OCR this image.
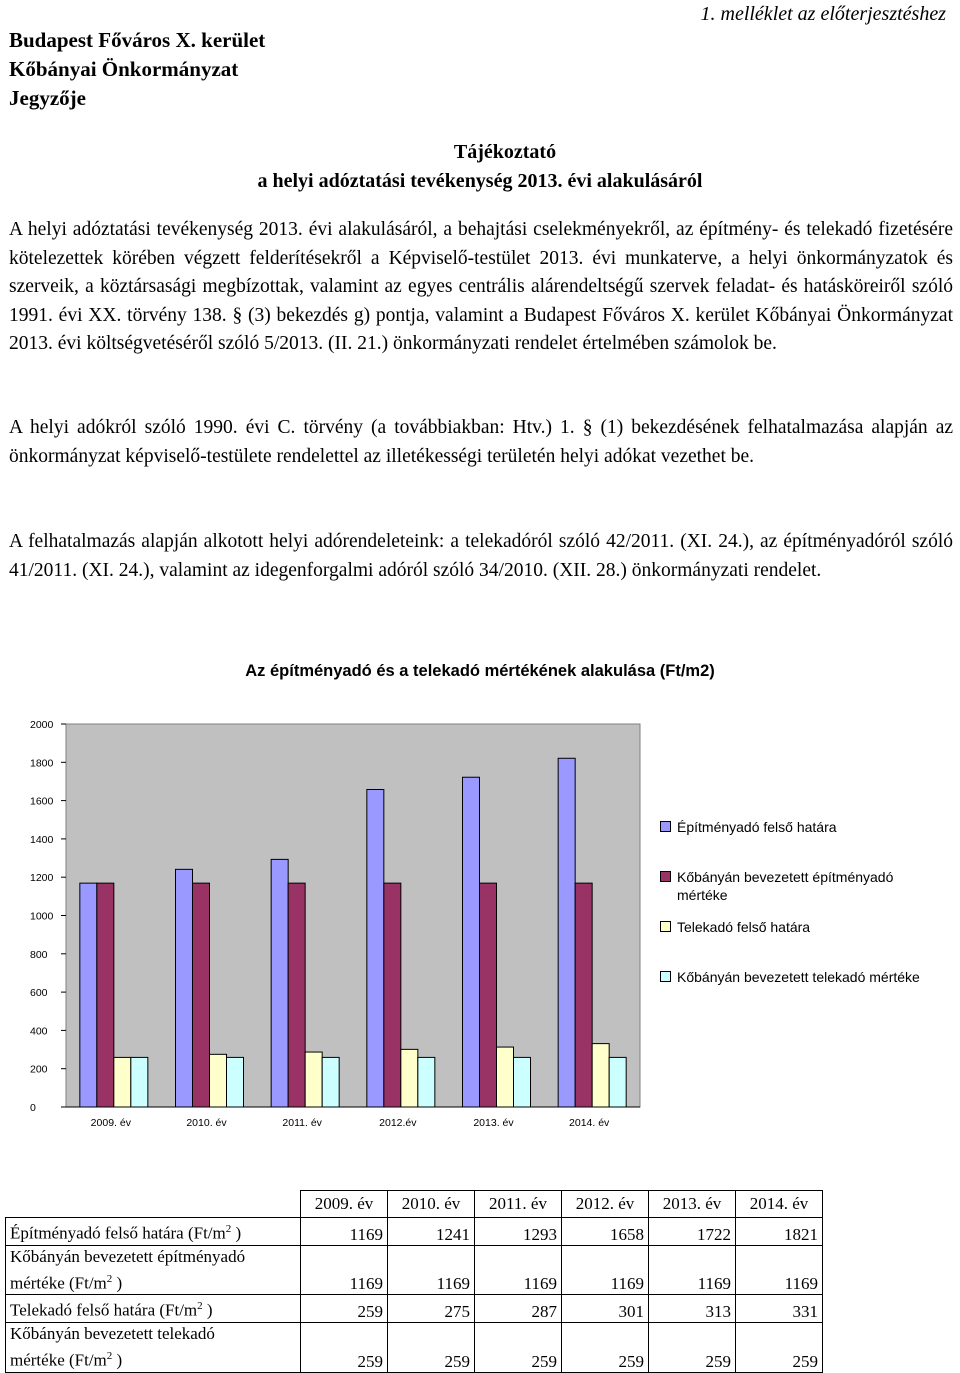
Budapest Főváros X. kerület
Kőbányai Önkormányzat
Jegyzője
1. melléklet az előterjesztéshez
Tájékoztató
a helyi adóztatási tevékenység 2013. évi alakulásáról

A helyi adóztatási tevékenység 2013. évi alakulásáról, a behajtási cselekményekről, az építmény- és telekadó fizetésére kötelezettek körében végzett felderítésekről a Képviselő-testület 2013. évi munkaterve, a helyi önkormányzatok és szerveik, a köztársasági megbízottak, valamint az egyes centrális alárendeltségű szervek feladat- és hatásköreiről szóló 1991. évi XX. törvény 138. § (3) bekezdés g) pontja, valamint a Budapest Főváros X. kerület Kőbányai Önkormányzat 2013. évi költségvetéséről szóló 5/2013. (II. 21.) önkormányzati rendelet értelmében számolok be.

A helyi adókról szóló 1990. évi C. törvény (a továbbiakban: Htv.) 1. § (1) bekezdésének felhatalmazása alapján az önkormányzat képviselő-testülete rendelettel az illetékességi területén helyi adókat vezethet be.

A felhatalmazás alapján alkotott helyi adórendeleteink: a telekadóról szóló 42/2011. (XI. 24.), az építményadóról szóló 41/2011. (XI. 24.), valamint az idegenforgalmi adóról szóló 34/2010. (XII. 28.) önkormányzati rendelet.

Az építményadó és a telekadó mértékének alakulása (Ft/m2)
0
200
400
600
800
1000
1200
1400
1600
1800
2000
2009. év	2010. év	2011. év	2012.év	2013. év	2014. év
Építményadó felső határa
Kőbányán bevezetett építményadó
mértéke
Telekadó felső határa
Kőbányán bevezetett telekadó mértéke
	2009. év	2010. év	2011. év	2012. év	2013. év	2014. év
Építményadó felső határa ($Ft/m^2$ )	1169	1241	1293	1658	1722	1821
Kőbányán bevezetett építményadó
mértéke ($Ft/m^2$ )	1169	1169	1169	1169	1169	1169
Telekadó felső határa ($Ft/m^2$ )	259	275	287	301	313	331
Kőbányán bevezetett telekadó
mértéke ($Ft/m^2$ )	259	259	259	259	259	259
